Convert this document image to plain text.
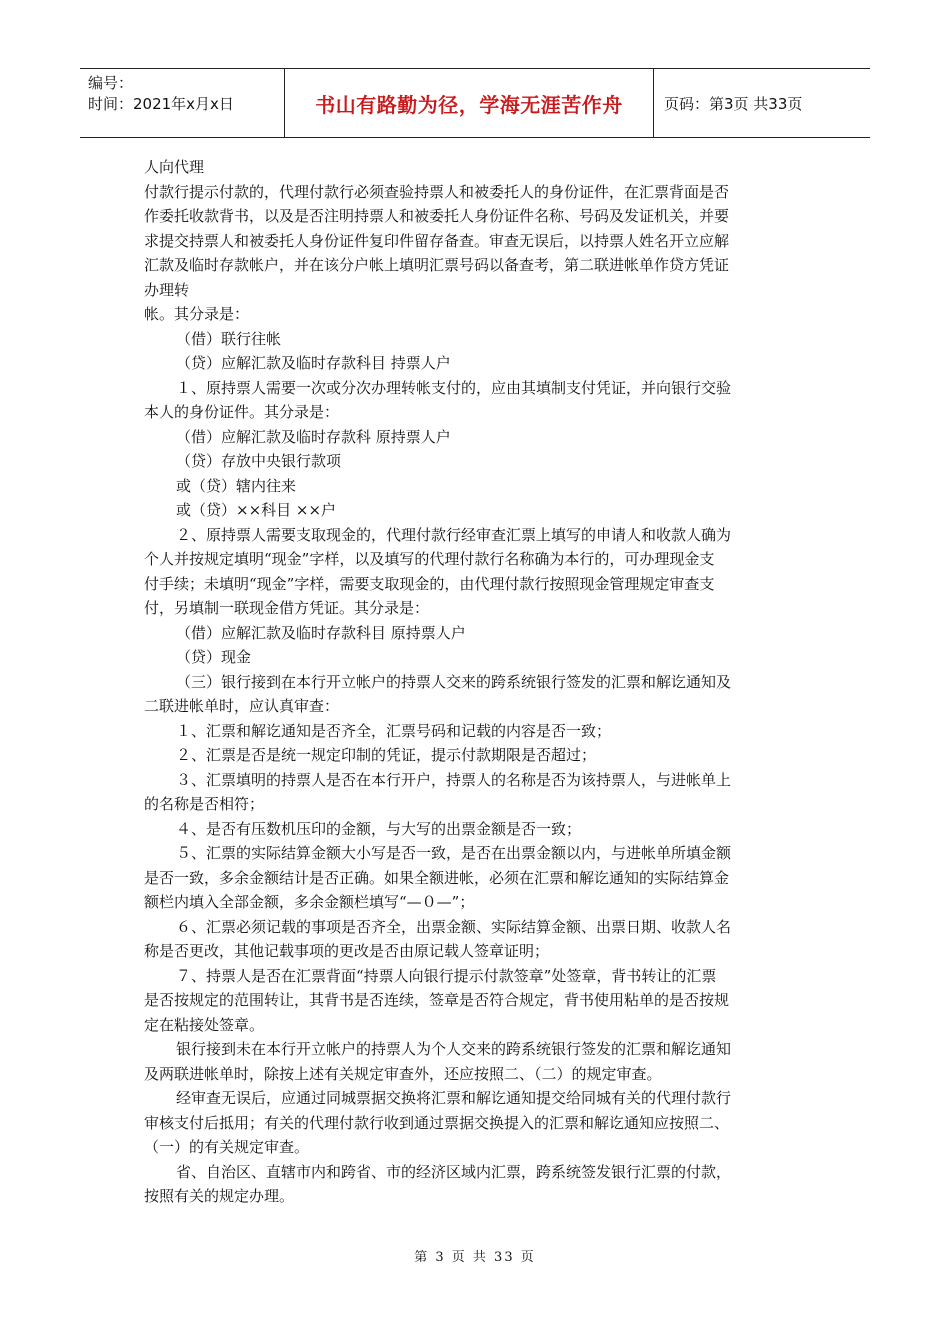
编号：
时间：2021年x月x日	书山有路勤为径，学海无涯苦作舟	页码：第3页 共33页
人向代理
付款行提示付款的，代理付款行必须查验持票人和被委托人的身份证件，在汇票背面是否
作委托收款背书，以及是否注明持票人和被委托人身份证件名称、号码及发证机关，并要
求提交持票人和被委托人身份证件复印件留存备查。审查无误后，以持票人姓名开立应解
汇款及临时存款帐户，并在该分户帐上填明汇票号码以备查考，第二联进帐单作贷方凭证
办理转
帐。其分录是：
（借）联行往帐
（贷）应解汇款及临时存款科目 持票人户
１、原持票人需要一次或分次办理转帐支付的，应由其填制支付凭证，并向银行交验
本人的身份证件。其分录是：
（借）应解汇款及临时存款科 原持票人户
（贷）存放中央银行款项
或（贷）辖内往来
或（贷）××科目 ××户
２、原持票人需要支取现金的，代理付款行经审查汇票上填写的申请人和收款人确为
个人并按规定填明“现金”字样，以及填写的代理付款行名称确为本行的，可办理现金支
付手续；未填明“现金”字样，需要支取现金的，由代理付款行按照现金管理规定审查支
付，另填制一联现金借方凭证。其分录是：
（借）应解汇款及临时存款科目 原持票人户
（贷）现金
（三）银行接到在本行开立帐户的持票人交来的跨系统银行签发的汇票和解讫通知及
二联进帐单时，应认真审查：
１、汇票和解讫通知是否齐全，汇票号码和记载的内容是否一致；
２、汇票是否是统一规定印制的凭证，提示付款期限是否超过；
３、汇票填明的持票人是否在本行开户，持票人的名称是否为该持票人，与进帐单上
的名称是否相符；
４、是否有压数机压印的金额，与大写的出票金额是否一致；
５、汇票的实际结算金额大小写是否一致，是否在出票金额以内，与进帐单所填金额
是否一致，多余金额结计是否正确。如果全额进帐，必须在汇票和解讫通知的实际结算金
额栏内填入全部金额，多余金额栏填写“—０—”；
６、汇票必须记载的事项是否齐全，出票金额、实际结算金额、出票日期、收款人名
称是否更改，其他记载事项的更改是否由原记载人签章证明；
７、持票人是否在汇票背面“持票人向银行提示付款签章”处签章，背书转让的汇票
是否按规定的范围转让，其背书是否连续，签章是否符合规定，背书使用粘单的是否按规
定在粘接处签章。
银行接到未在本行开立帐户的持票人为个人交来的跨系统银行签发的汇票和解讫通知
及两联进帐单时，除按上述有关规定审查外，还应按照二、（二）的规定审查。
经审查无误后，应通过同城票据交换将汇票和解讫通知提交给同城有关的代理付款行
审核支付后抵用；有关的代理付款行收到通过票据交换提入的汇票和解讫通知应按照二、
（一）的有关规定审查。
省、自治区、直辖市内和跨省、市的经济区域内汇票，跨系统签发银行汇票的付款，
按照有关的规定办理。
第 3 页 共 33 页
